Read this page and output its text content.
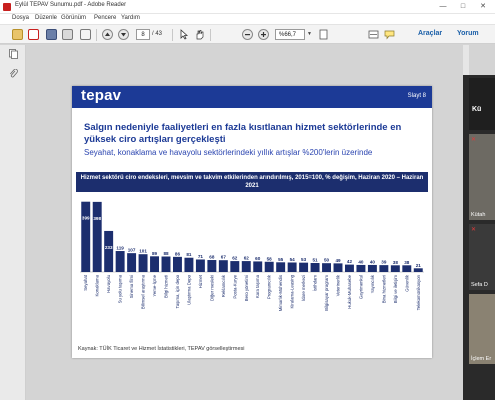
Eylül TEPAV Sunumu.pdf - Adobe Reader	—	□	✕
Dosya Düzenle Görünüm Pencere Yardım
8	/ 43	%66,7	▼	Araçlar Yorum
tepav	Slayt 8
Salgın nedeniyle faaliyetleri en fazla kısıtlanan hizmet sektörlerinde en yüksek ciro artışları gerçekleşti
Seyahat, konaklama ve havayolu sektörlerindeki yıllık artışlar %200'lerin üzerinde
Hizmet sektörü ciro endeksleri, mevsim ve takvim etkilerinden arındırılmış, 2015=100, % değişim, Haziran 2020 – Haziran 2021
399
Seyahat
398
Konaklama
233
Havayolu
119
Su yolu taşıma
107
Sinema filmi
101
Bilimsel araştırma
89
Yeme-İçme
88
Bilgi hizmeti
86
Taşıma, için depo
81
Ulaştırma Depo
71
Hizmet
68
Diğer mesleki
67
Reklamcılık
62
Posta-Kurye
62
Bero yönetimi
60
Kara taşıma
58
Programcılık
55
Mimarlık-Mühendis
54
Kiralama-Leasing
53
İdare merkezi
51
İstihdam
50
Bilgisayar program
49
Veterinerlik
42
Hukuk-Muhasebe
40
Gayrimenkul
40
Yayıncılık
39
Bina hizmetleri
38
Bilgi ve iletişim
38
Güvenlik
21
Telekomünikasyon
Kaynak: TÜİK Ticaret ve Hizmet İstatistikleri, TEPAV görselleştirmesi
Kü
✕
Kütah
✕
Sefa D
İçlem Er
